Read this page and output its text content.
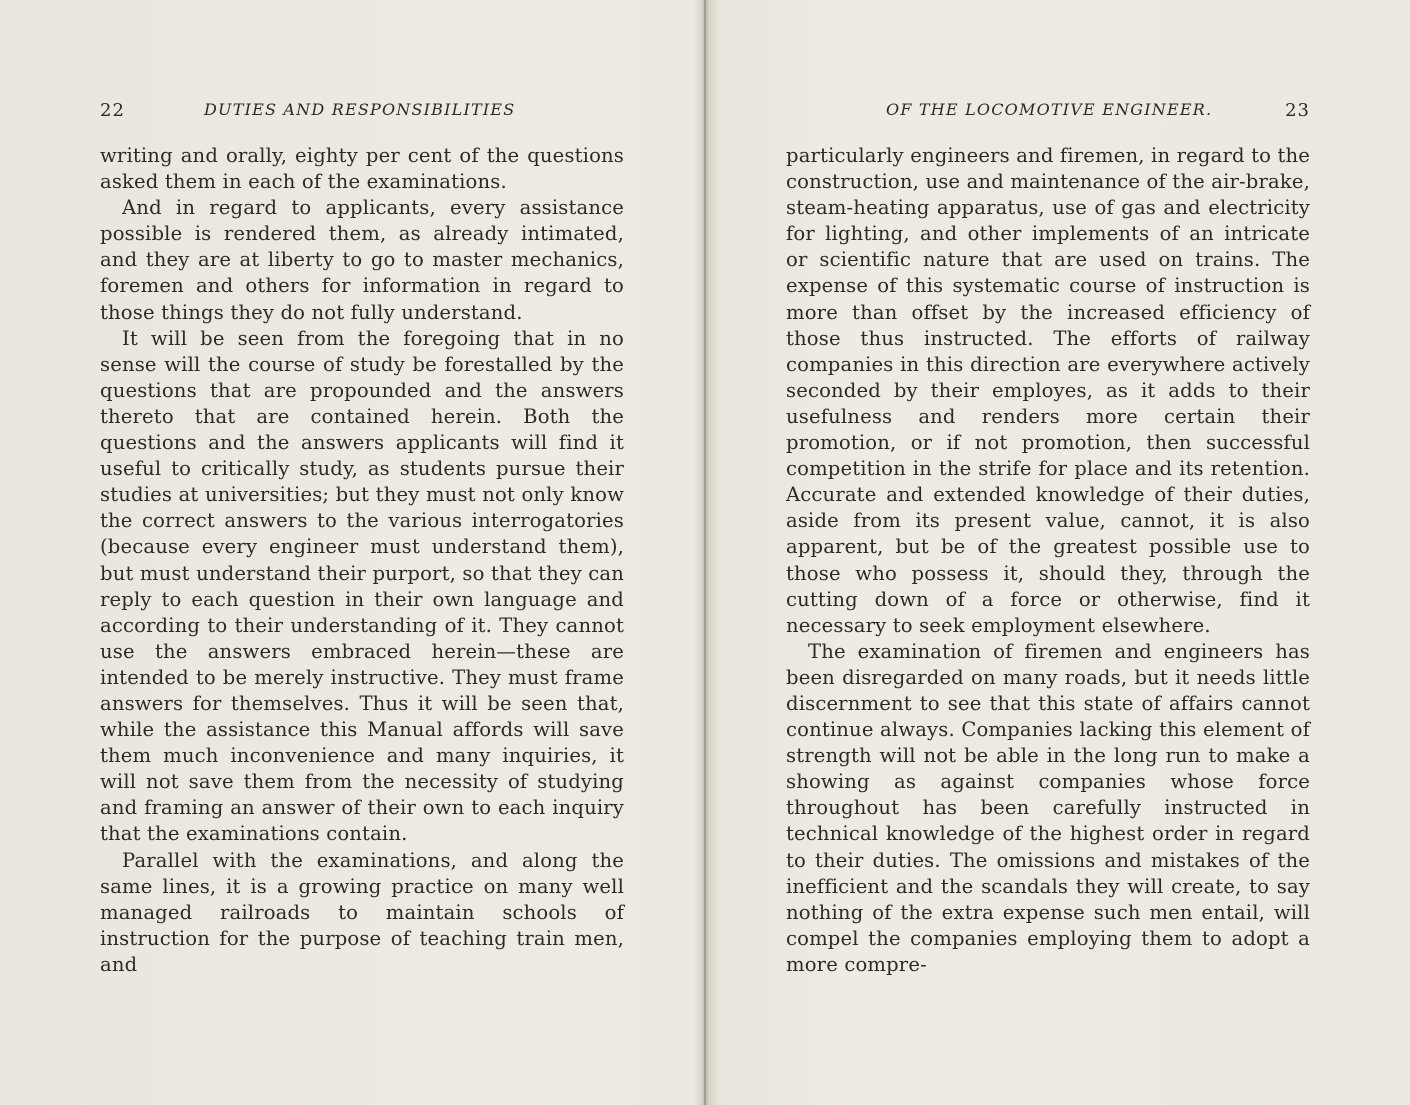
22	DUTIES AND RESPONSIBILITIES

writing and orally, eighty per cent of the questions asked them in each of the examinations.

And in regard to applicants, every assistance possible is rendered them, as already intimated, and they are at liberty to go to master mechanics, foremen and others for information in regard to those things they do not fully understand.

It will be seen from the foregoing that in no sense will the course of study be forestalled by the questions that are propounded and the answers thereto that are contained herein. Both the questions and the answers applicants will find it useful to critically study, as students pursue their studies at universities; but they must not only know the correct answers to the various interrogatories (because every engineer must understand them), but must understand their purport, so that they can reply to each question in their own language and according to their understanding of it. They cannot use the answers embraced herein—these are intended to be merely instructive. They must frame answers for themselves. Thus it will be seen that, while the assistance this Manual affords will save them much inconvenience and many inquiries, it will not save them from the necessity of studying and framing an answer of their own to each inquiry that the examinations contain.

Parallel with the examinations, and along the same lines, it is a growing practice on many well managed railroads to maintain schools of instruction for the purpose of teaching train men, and

OF THE LOCOMOTIVE ENGINEER.	23

particularly engineers and firemen, in regard to the construction, use and maintenance of the air-brake, steam-heating apparatus, use of gas and electricity for lighting, and other implements of an intricate or scientific nature that are used on trains. The expense of this systematic course of instruction is more than offset by the increased efficiency of those thus instructed. The efforts of railway companies in this direction are everywhere actively seconded by their employes, as it adds to their usefulness and renders more certain their promotion, or if not promotion, then successful competition in the strife for place and its retention. Accurate and extended knowledge of their duties, aside from its present value, cannot, it is also apparent, but be of the greatest possible use to those who possess it, should they, through the cutting down of a force or otherwise, find it necessary to seek employment elsewhere.

The examination of firemen and engineers has been disregarded on many roads, but it needs little discernment to see that this state of affairs cannot continue always. Companies lacking this element of strength will not be able in the long run to make a showing as against companies whose force throughout has been carefully instructed in technical knowledge of the highest order in regard to their duties. The omissions and mistakes of the inefficient and the scandals they will create, to say nothing of the extra expense such men entail, will compel the companies employing them to adopt a more compre-
